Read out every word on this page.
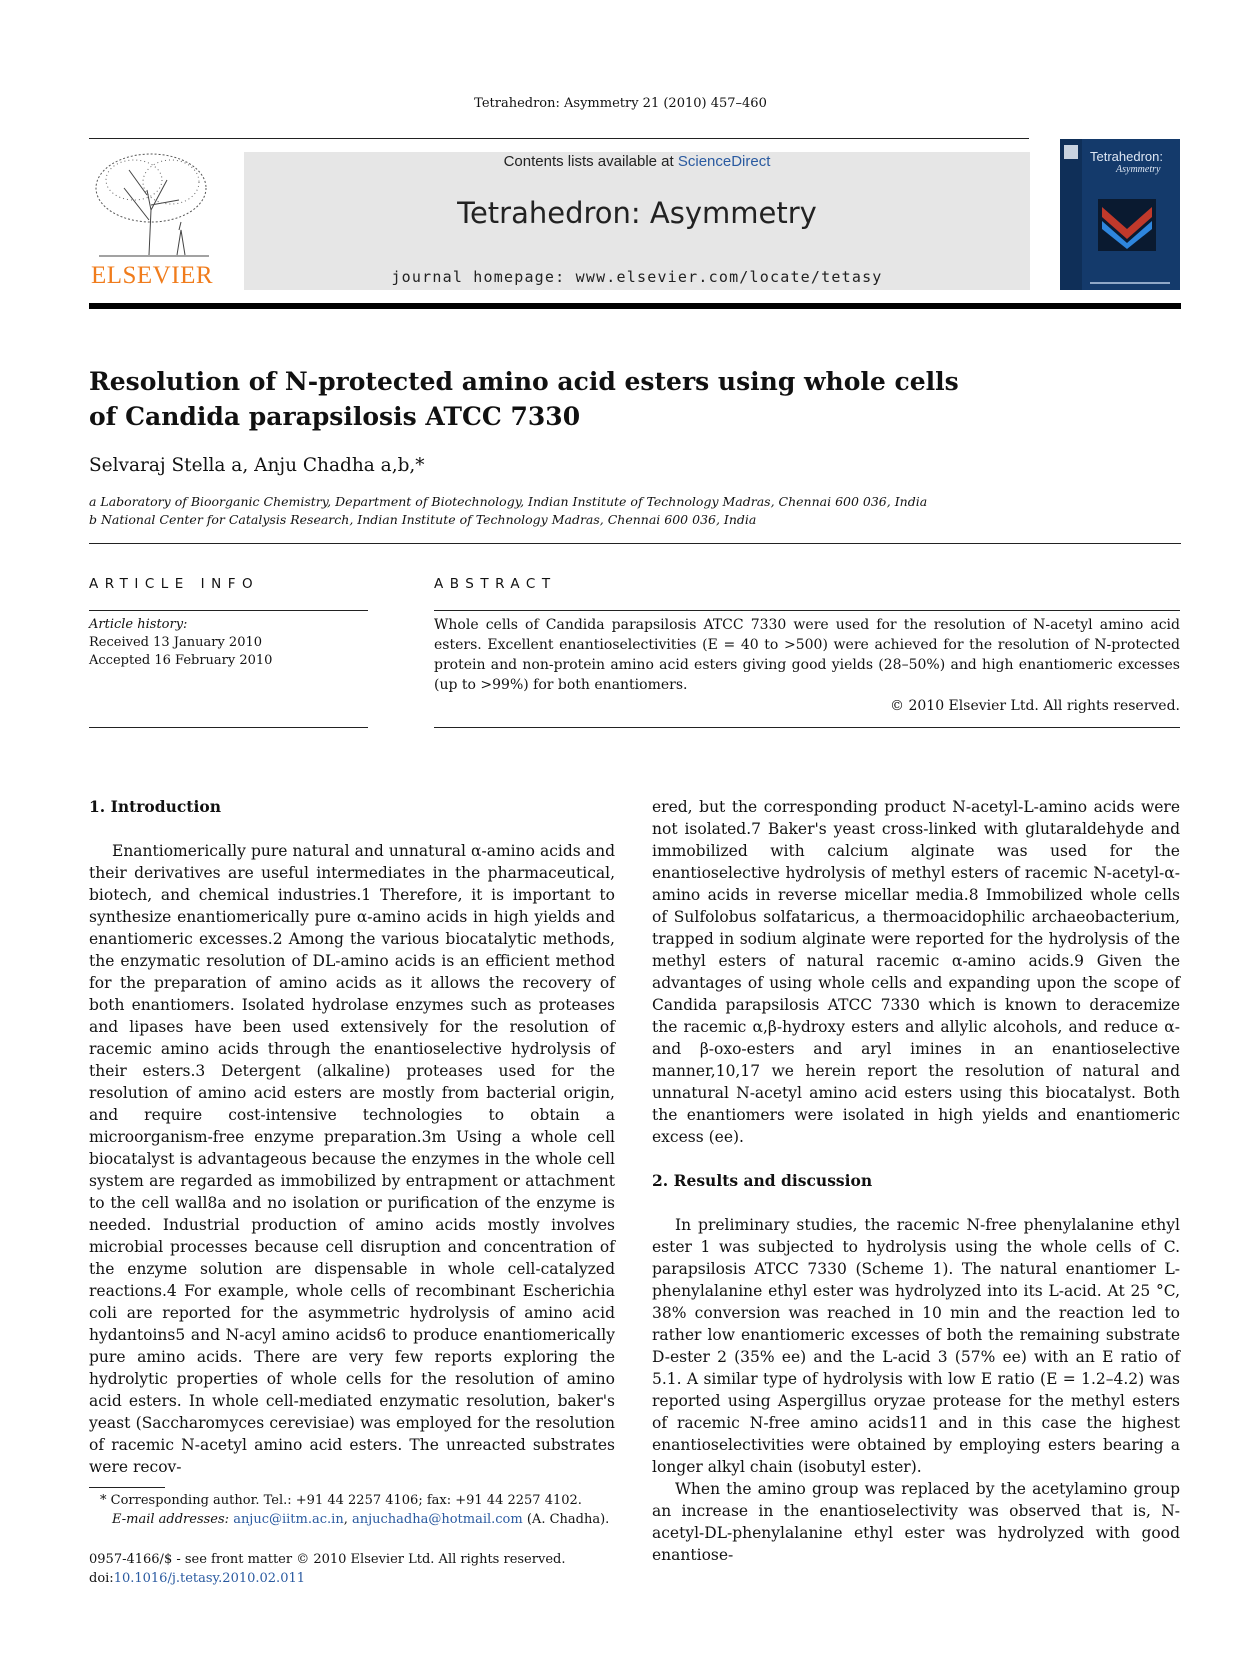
Tetrahedron: Asymmetry 21 (2010) 457–460
ELSEVIER
Contents lists available at ScienceDirect
Tetrahedron: Asymmetry
journal homepage: www.elsevier.com/locate/tetasy
Tetrahedron:
Asymmetry
Resolution of N-protected amino acid esters using whole cells
of Candida parapsilosis ATCC 7330
Selvaraj Stella a, Anju Chadha a,b,*
a Laboratory of Bioorganic Chemistry, Department of Biotechnology, Indian Institute of Technology Madras, Chennai 600 036, India
b National Center for Catalysis Research, Indian Institute of Technology Madras, Chennai 600 036, India
ARTICLE INFO
Article history:
Received 13 January 2010
Accepted 16 February 2010
ABSTRACT
Whole cells of Candida parapsilosis ATCC 7330 were used for the resolution of N-acetyl amino acid esters. Excellent enantioselectivities (E = 40 to >500) were achieved for the resolution of N-protected protein and non-protein amino acid esters giving good yields (28–50%) and high enantiomeric excesses (up to >99%) for both enantiomers.
© 2010 Elsevier Ltd. All rights reserved.
1. Introduction

Enantiomerically pure natural and unnatural α-amino acids and their derivatives are useful intermediates in the pharmaceutical, biotech, and chemical industries.1 Therefore, it is important to synthesize enantiomerically pure α-amino acids in high yields and enantiomeric excesses.2 Among the various biocatalytic methods, the enzymatic resolution of DL-amino acids is an efficient method for the preparation of amino acids as it allows the recovery of both enantiomers. Isolated hydrolase enzymes such as proteases and lipases have been used extensively for the resolution of racemic amino acids through the enantioselective hydrolysis of their esters.3 Detergent (alkaline) proteases used for the resolution of amino acid esters are mostly from bacterial origin, and require cost-intensive technologies to obtain a microorganism-free enzyme preparation.3m Using a whole cell biocatalyst is advantageous because the enzymes in the whole cell system are regarded as immobilized by entrapment or attachment to the cell wall8a and no isolation or purification of the enzyme is needed. Industrial production of amino acids mostly involves microbial processes because cell disruption and concentration of the enzyme solution are dispensable in whole cell-catalyzed reactions.4 For example, whole cells of recombinant Escherichia coli are reported for the asymmetric hydrolysis of amino acid hydantoins5 and N-acyl amino acids6 to produce enantiomerically pure amino acids. There are very few reports exploring the hydrolytic properties of whole cells for the resolution of amino acid esters. In whole cell-mediated enzymatic resolution, baker's yeast (Saccharomyces cerevisiae) was employed for the resolution of racemic N-acetyl amino acid esters. The unreacted substrates were recov-

* Corresponding author. Tel.: +91 44 2257 4106; fax: +91 44 2257 4102.
E-mail addresses: anjuc@iitm.ac.in, anjuchadha@hotmail.com (A. Chadha).
0957-4166/$ - see front matter © 2010 Elsevier Ltd. All rights reserved.
doi:10.1016/j.tetasy.2010.02.011

ered, but the corresponding product N-acetyl-L-amino acids were not isolated.7 Baker's yeast cross-linked with glutaraldehyde and immobilized with calcium alginate was used for the enantioselective hydrolysis of methyl esters of racemic N-acetyl-α-amino acids in reverse micellar media.8 Immobilized whole cells of Sulfolobus solfataricus, a thermoacidophilic archaeobacterium, trapped in sodium alginate were reported for the hydrolysis of the methyl esters of natural racemic α-amino acids.9 Given the advantages of using whole cells and expanding upon the scope of Candida parapsilosis ATCC 7330 which is known to deracemize the racemic α,β-hydroxy esters and allylic alcohols, and reduce α- and β-oxo-esters and aryl imines in an enantioselective manner,10,17 we herein report the resolution of natural and unnatural N-acetyl amino acid esters using this biocatalyst. Both the enantiomers were isolated in high yields and enantiomeric excess (ee).

2. Results and discussion

In preliminary studies, the racemic N-free phenylalanine ethyl ester 1 was subjected to hydrolysis using the whole cells of C. parapsilosis ATCC 7330 (Scheme 1). The natural enantiomer L-phenylalanine ethyl ester was hydrolyzed into its L-acid. At 25 °C, 38% conversion was reached in 10 min and the reaction led to rather low enantiomeric excesses of both the remaining substrate D-ester 2 (35% ee) and the L-acid 3 (57% ee) with an E ratio of 5.1. A similar type of hydrolysis with low E ratio (E = 1.2–4.2) was reported using Aspergillus oryzae protease for the methyl esters of racemic N-free amino acids11 and in this case the highest enantioselectivities were obtained by employing esters bearing a longer alkyl chain (isobutyl ester).

When the amino group was replaced by the acetylamino group an increase in the enantioselectivity was observed that is, N-acetyl-DL-phenylalanine ethyl ester was hydrolyzed with good enantiose-
